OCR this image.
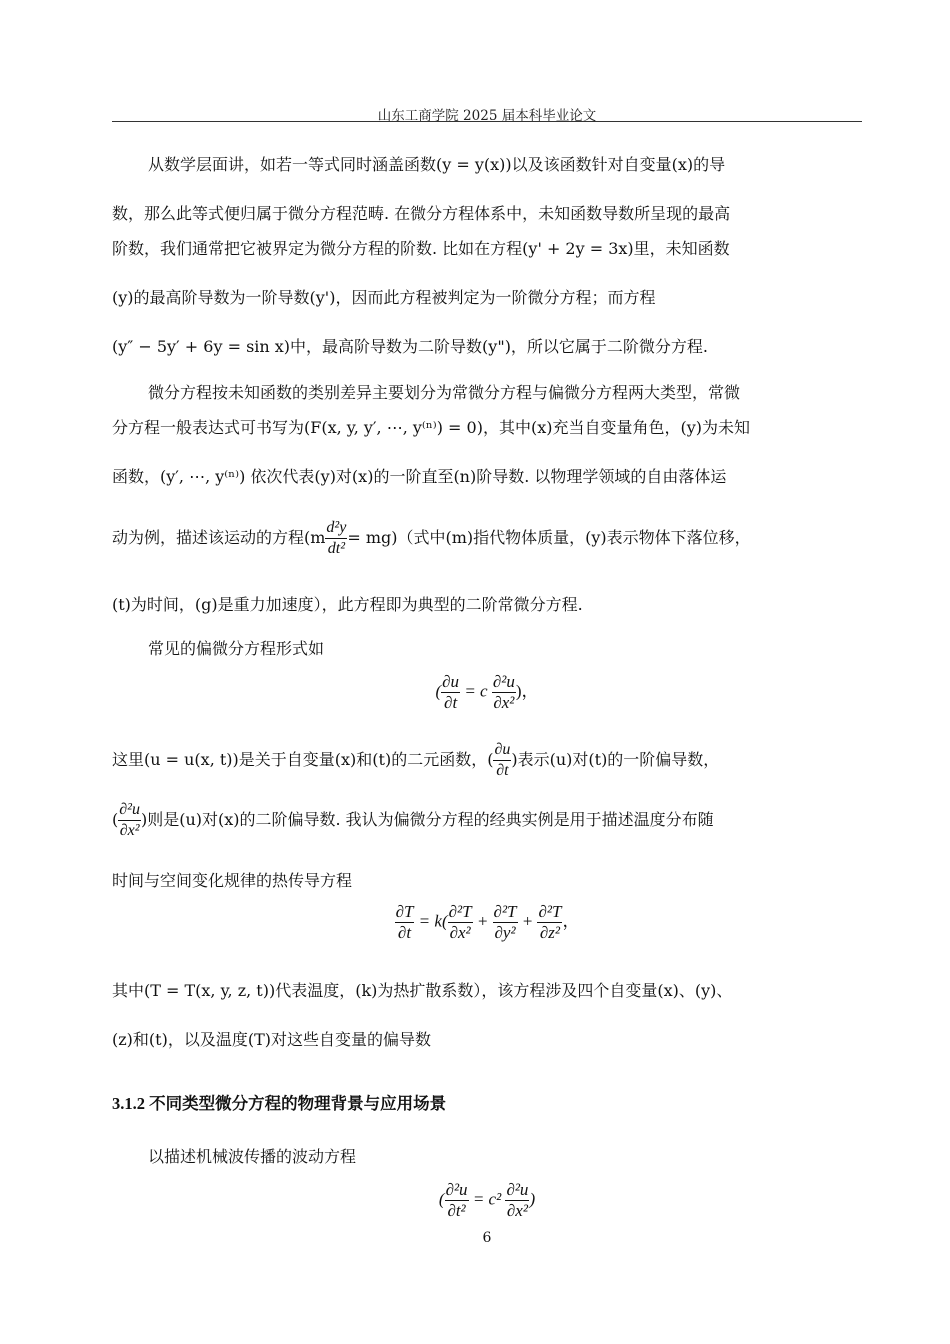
山东工商学院 2025 届本科毕业论文
从数学层面讲，如若一等式同时涵盖函数(y = y(x))以及该函数针对自变量(x)的导
数，那么此等式便归属于微分方程范畴. 在微分方程体系中，未知函数导数所呈现的最高
阶数，我们通常把它被界定为微分方程的阶数. 比如在方程(y' + 2y = 3x)里，未知函数
(y)的最高阶导数为一阶导数(y')，因而此方程被判定为一阶微分方程；而方程
(y″ − 5y′ + 6y = sin x)中，最高阶导数为二阶导数(y")，所以它属于二阶微分方程.
微分方程按未知函数的类别差异主要划分为常微分方程与偏微分方程两大类型，常微
分方程一般表达式可书写为(F(x, y, y′, ⋯, y⁽ⁿ⁾) = 0)，其中(x)充当自变量角色，(y)为未知
函数，(y′, ⋯, y⁽ⁿ⁾) 依次代表(y)对(x)的一阶直至(n)阶导数. 以物理学领域的自由落体运
动为例，描述该运动的方程$(m \frac{\text{d²y}}{\text{dt²}} = mg)$（式中(m)指代物体质量，(y)表示物体下落位移，
(t)为时间，(g)是重力加速度），此方程即为典型的二阶常微分方程.
常见的偏微分方程形式如
( $\frac{\partial u}{\partial t} = c \frac{\text{∂²u}}{\text{∂x²}}$ )，
这里(u = u(x, t))是关于自变量(x)和(t)的二元函数，( $\frac{\partial u}{\partial t}$ )表示(u)对(t)的一阶偏导数，
( $\frac{\text{∂²u}}{\text{∂x²}}$ )则是(u)对(x)的二阶偏导数. 我认为偏微分方程的经典实例是用于描述温度分布随
时间与空间变化规律的热传导方程
$\frac{\partial T}{\partial t} = k( \frac{\text{∂²T}}{\text{∂x²}} + \frac{\text{∂²T}}{\text{∂y²}} + \frac{\text{∂²T}}{\text{∂z²}}$ ，
其中(T = T(x, y, z, t))代表温度，(k)为热扩散系数），该方程涉及四个自变量(x)、(y)、
(z)和(t)，以及温度(T)对这些自变量的偏导数
3.1.2 不同类型微分方程的物理背景与应用场景
以描述机械波传播的波动方程
( $\frac{\text{∂²u}}{\text{∂t²}} = c^2 \frac{\text{∂²u}}{\text{∂x²}}$ )
6
